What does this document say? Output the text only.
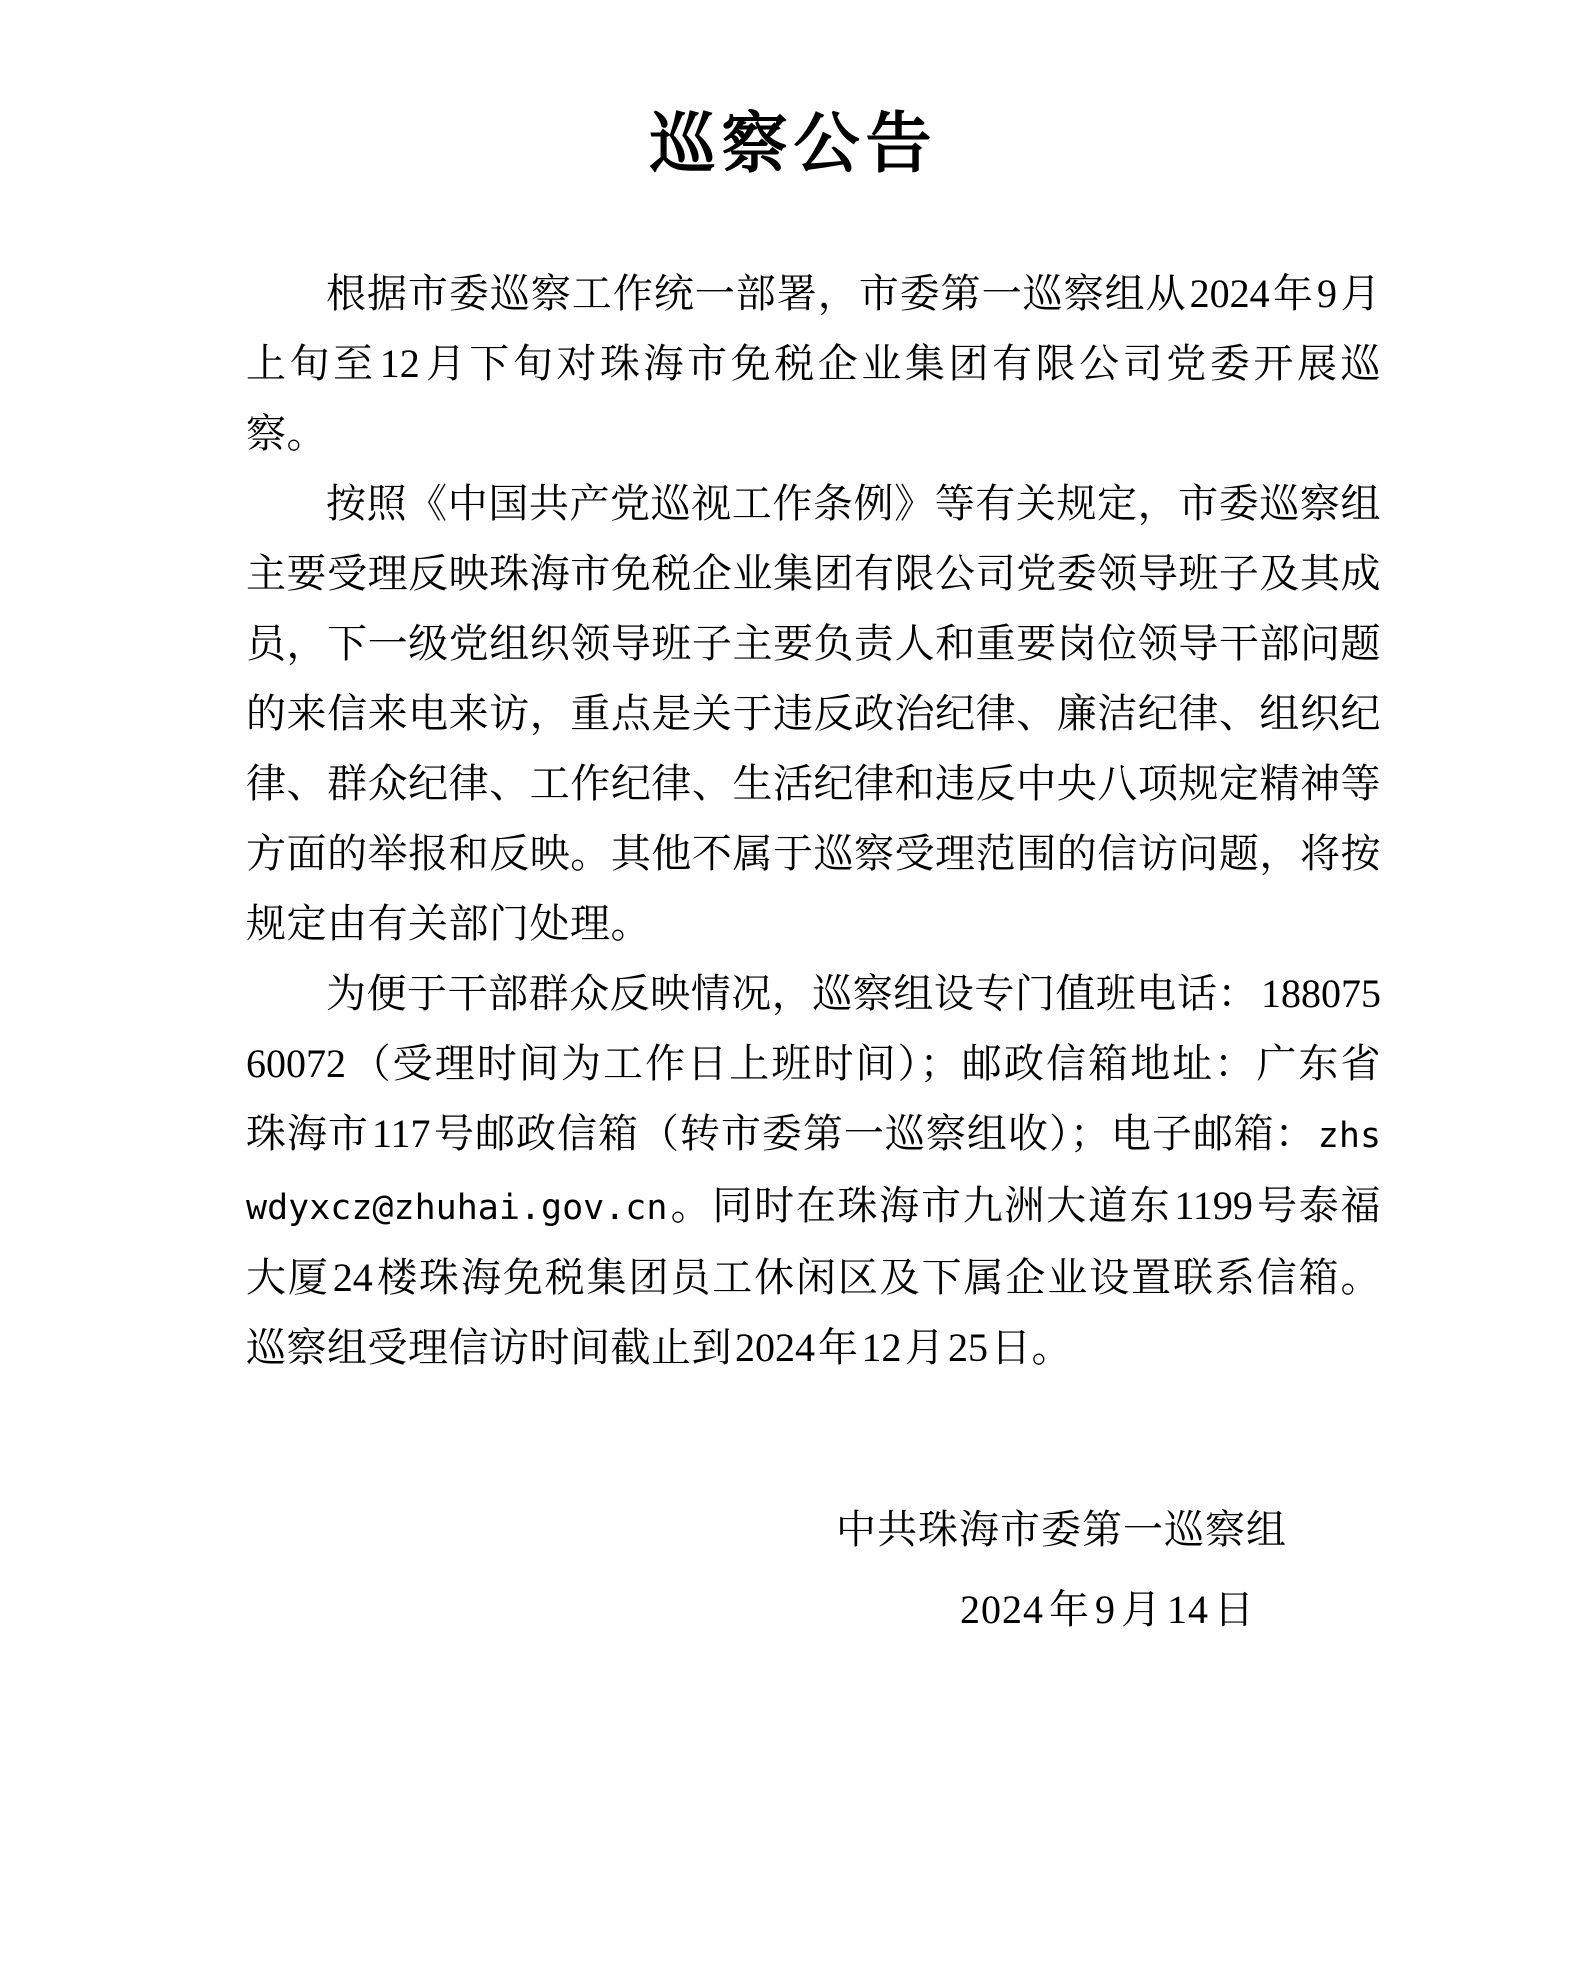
巡察公告

根据市委巡察工作统一部署，市委第一巡察组从2024年9月上旬至12月下旬对珠海市免税企业集团有限公司党委开展巡察。

按照《中国共产党巡视工作条例》等有关规定，市委巡察组主要受理反映珠海市免税企业集团有限公司党委领导班子及其成员，下一级党组织领导班子主要负责人和重要岗位领导干部问题的来信来电来访，重点是关于违反政治纪律、廉洁纪律、组织纪律、群众纪律、工作纪律、生活纪律和违反中央八项规定精神等方面的举报和反映。其他不属于巡察受理范围的信访问题，将按规定由有关部门处理。

为便于干部群众反映情况，巡察组设专门值班电话：18807560072（受理时间为工作日上班时间）；邮政信箱地址：广东省珠海市117号邮政信箱（转市委第一巡察组收）；电子邮箱：zhswdyxcz@zhuhai.gov.cn。同时在珠海市九洲大道东1199号泰福大厦24楼珠海免税集团员工休闲区及下属企业设置联系信箱。巡察组受理信访时间截止到2024年12月25日。

中共珠海市委第一巡察组
2024 年 9 月 14 日
